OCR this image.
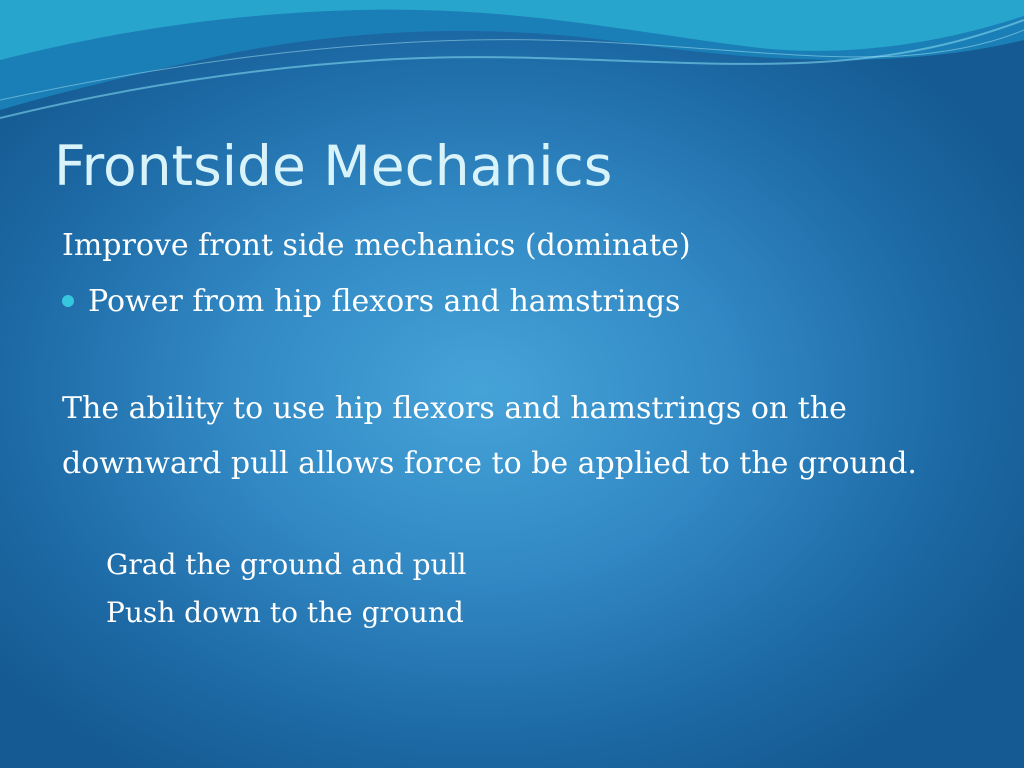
Frontside Mechanics
Improve front side mechanics (dominate)
Power from hip flexors and hamstrings
The ability to use hip flexors and hamstrings on the
downward pull allows force to be applied to the ground.
Grad the ground and pull
Push down to the ground
